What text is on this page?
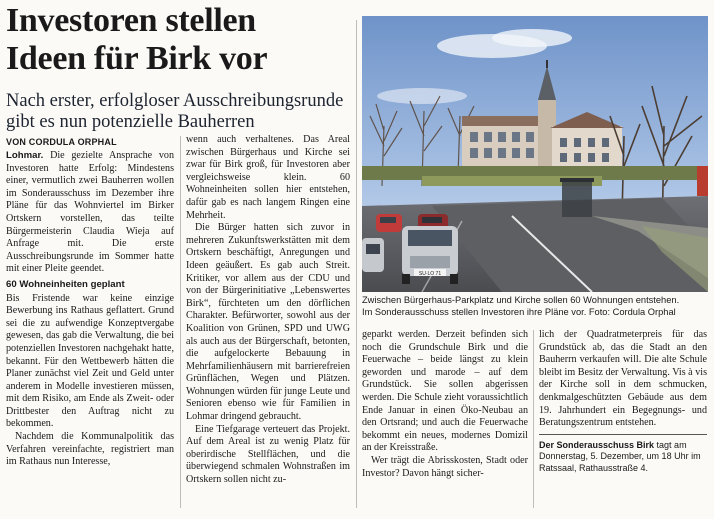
Investoren stellen
Ideen für Birk vor
Nach erster, erfolgloser Ausschreibungsrunde
gibt es nun potenzielle Bauherren
VON CORDULA ORPHAL

Lohmar. Die gezielte Ansprache von Investoren hatte Erfolg: Mindestens einer, vermutlich zwei Bauherren wollen im Sonderausschuss im Dezember ihre Pläne für das Wohnviertel im Birker Ortskern vorstellen, das teilte Bürgermeisterin Claudia Wieja auf Anfrage mit. Die erste Ausschreibungsrunde im Sommer hatte mit einer Pleite geendet.

60 Wohneinheiten geplant

Bis Fristende war keine einzige Bewerbung ins Rathaus geflattert. Grund sei die zu aufwendige Konzeptvergabe gewesen, das gab die Verwaltung, die bei potenziellen Investoren nachgehakt hatte, bekannt. Für den Wettbewerb hätten die Planer zunächst viel Zeit und Geld unter anderem in Modelle investieren müssen, mit dem Risiko, am Ende als Zweit- oder Drittbester den Auftrag nicht zu bekommen.

Nachdem die Kommunalpolitik das Verfahren vereinfachte, registriert man im Rathaus nun Interesse,

wenn auch verhaltenes. Das Areal zwischen Bürgerhaus und Kirche sei zwar für Birk groß, für Investoren aber vergleichsweise klein. 60 Wohneinheiten sollen hier entstehen, dafür gab es nach langem Ringen eine Mehrheit.

Die Bürger hatten sich zuvor in mehreren Zukunftswerkstätten mit dem Ortskern beschäftigt, Anregungen und Ideen geäußert. Es gab auch Streit. Kritiker, vor allem aus der CDU und von der Bürgerinitiative „Lebenswertes Birk“, fürchteten um den dörflichen Charakter. Befürworter, sowohl aus der Koalition von Grünen, SPD und UWG als auch aus der Bürgerschaft, betonten, die aufgelockerte Bebauung in Mehrfamilienhäusern mit barrierefreien Grünflächen, Wegen und Plätzen. Wohnungen würden für junge Leute und Senioren ebenso wie für Familien in Lohmar dringend gebraucht.

Eine Tiefgarage verteuert das Projekt. Auf dem Areal ist zu wenig Platz für oberirdische Stellflächen, und die überwiegend schmalen Wohnstraßen im Ortskern sollen nicht zu-

SU·LO 71
Zwischen Bürgerhaus-Parkplatz und Kirche sollen 60 Wohnungen entstehen.
Im Sonderausschuss stellen Investoren ihre Pläne vor. Foto: Cordula Orphal

geparkt werden. Derzeit befinden sich noch die Grundschule Birk und die Feuerwache – beide längst zu klein geworden und marode – auf dem Grundstück. Sie sollen abgerissen werden. Die Schule zieht voraussichtlich Ende Januar in einen Öko-Neubau an den Ortsrand; und auch die Feuerwache bekommt ein neues, modernes Domizil an der Kreisstraße.

Wer trägt die Abrisskosten, Stadt oder Investor? Davon hängt sicher-

lich der Quadratmeterpreis für das Grundstück ab, das die Stadt an den Bauherrn verkaufen will. Die alte Schule bleibt im Besitz der Verwaltung. Vis à vis der Kirche soll in dem schmucken, denkmalgeschützten Gebäude aus dem 19. Jahrhundert ein Begegnungs- und Beratungszentrum entstehen.

Der Sonderausschuss Birk tagt am Donnerstag, 5. Dezember, um 18 Uhr im Ratssaal, Rathausstraße 4.
